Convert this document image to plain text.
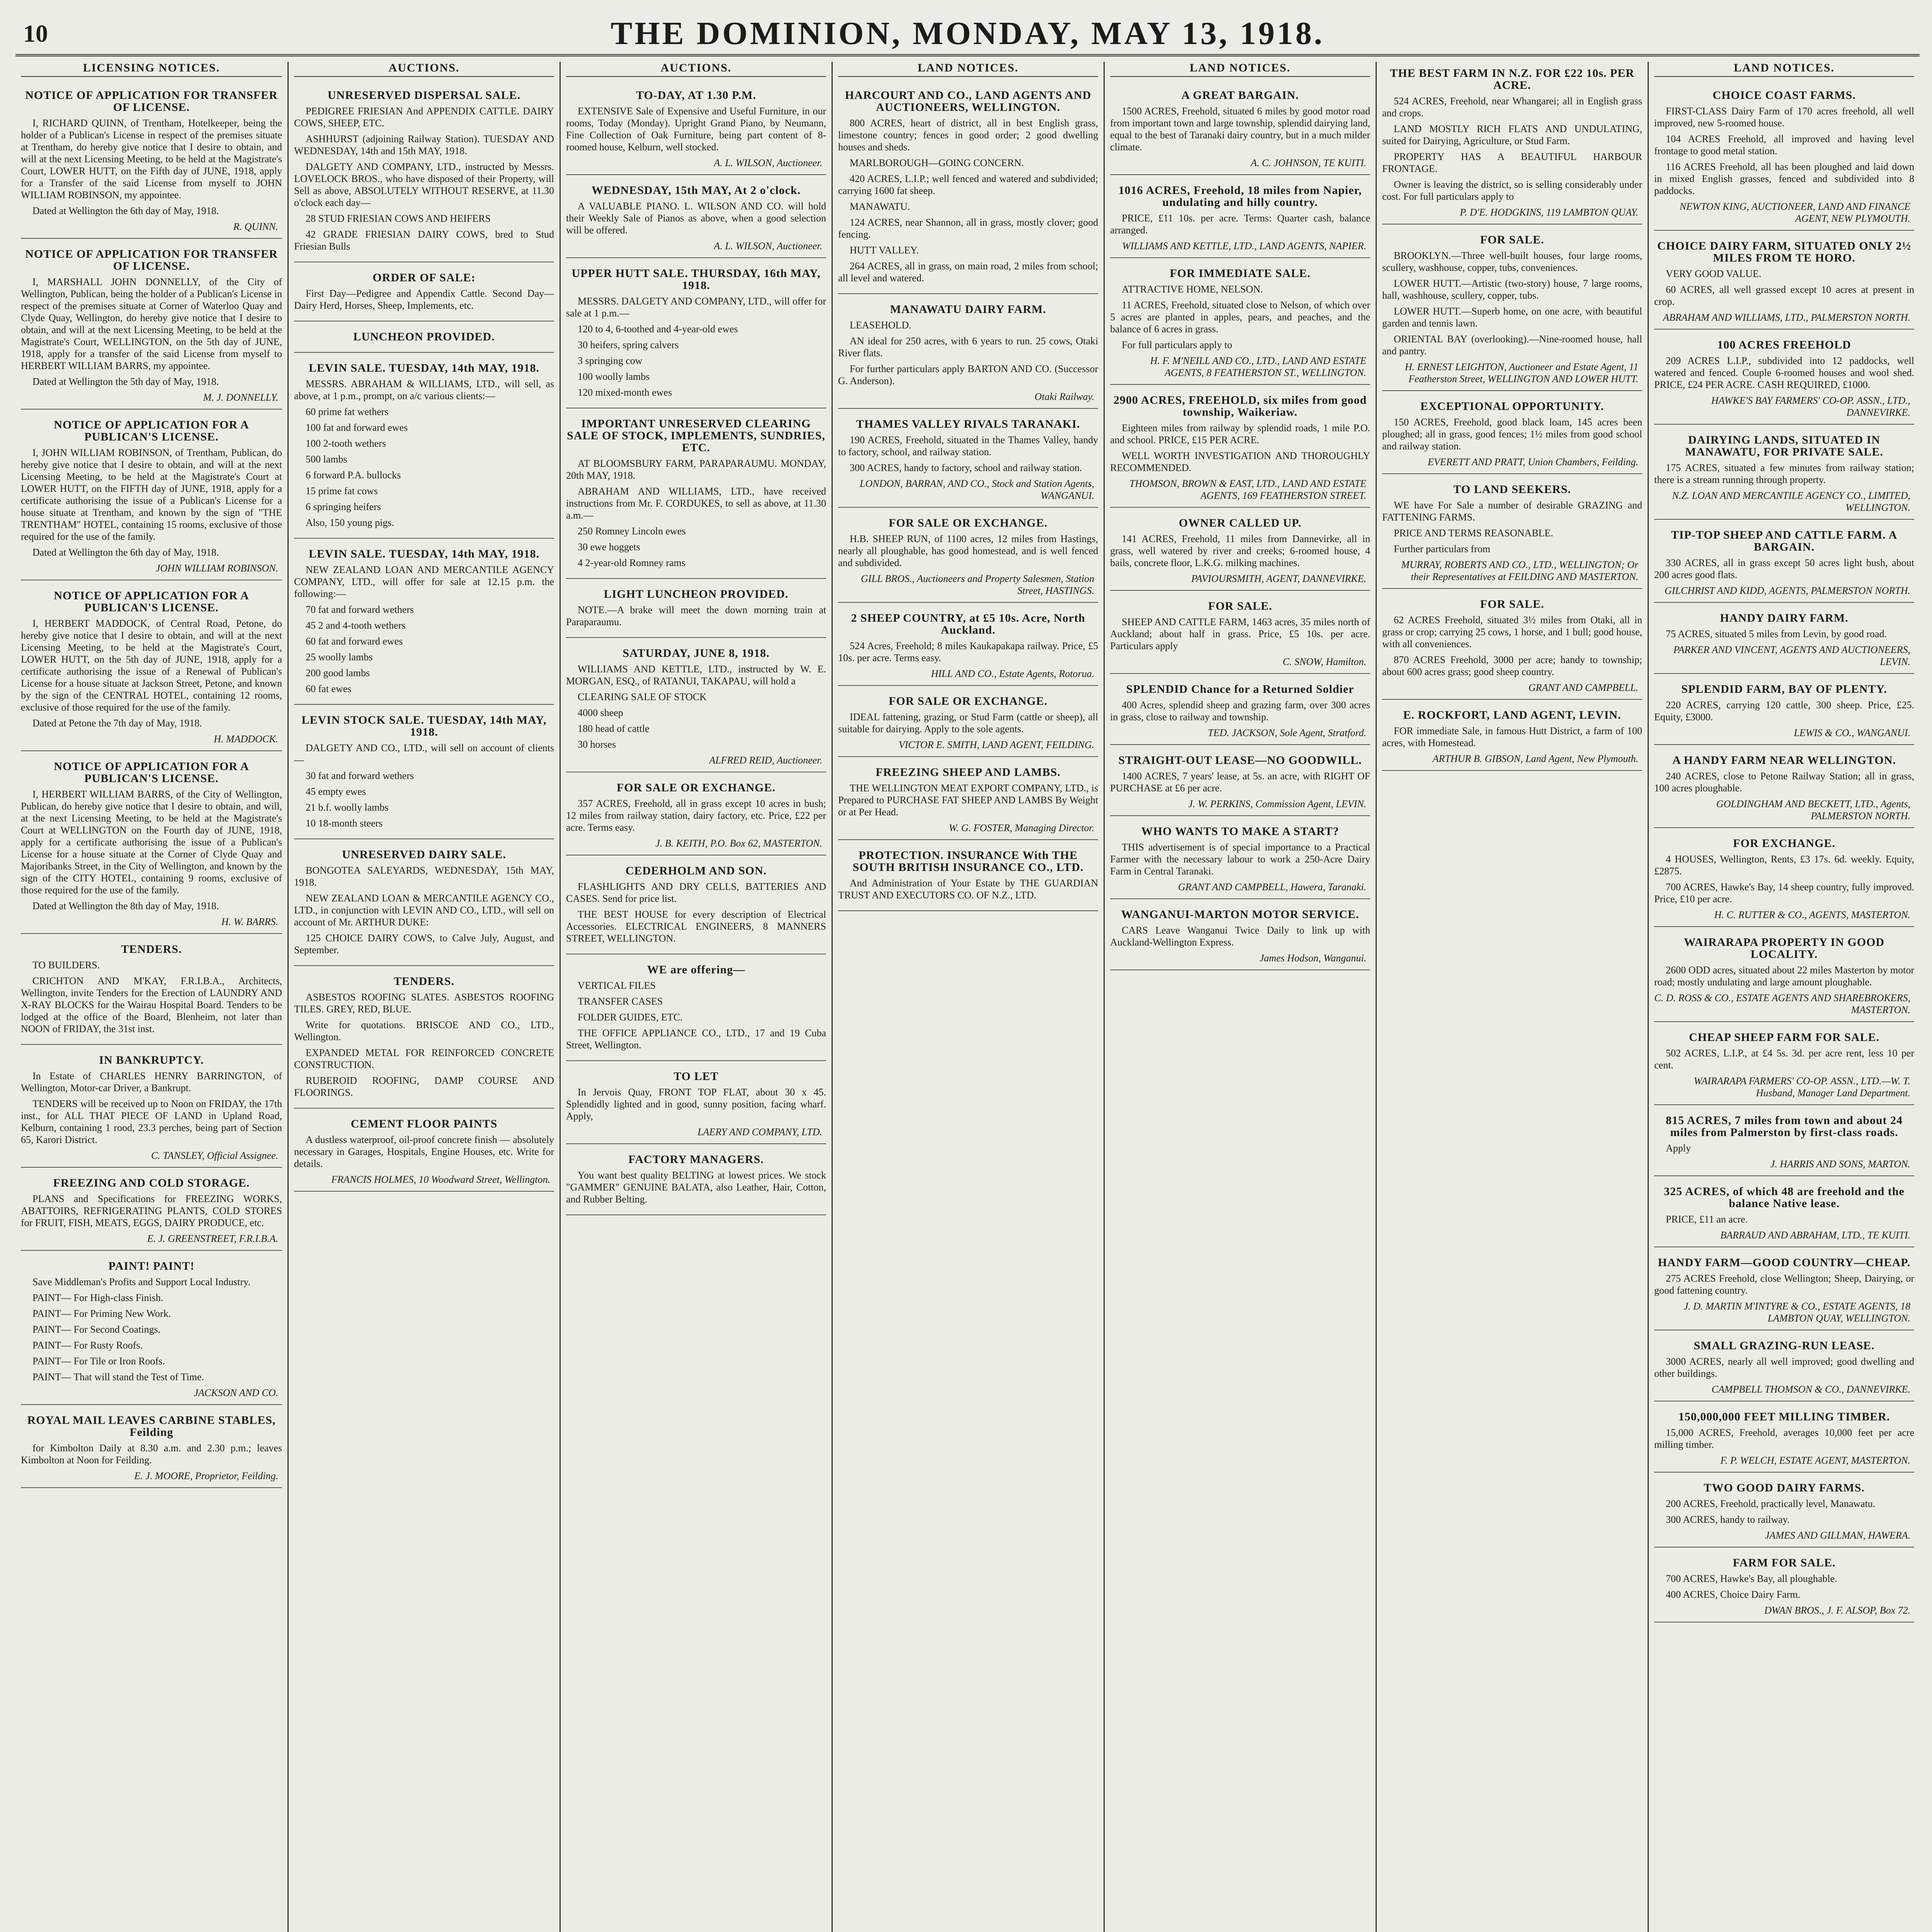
10	THE DOMINION, MONDAY, MAY 13, 1918.
LICENSING NOTICES.
NOTICE OF APPLICATION FOR TRANSFER OF LICENSE.

I, RICHARD QUINN, of Trentham, Hotelkeeper, being the holder of a Publican's License in respect of the premises situate at Trentham, do hereby give notice that I desire to obtain, and will at the next Licensing Meeting, to be held at the Magistrate's Court, LOWER HUTT, on the Fifth day of JUNE, 1918, apply for a Transfer of the said License from myself to JOHN WILLIAM ROBINSON, my appointee.

Dated at Wellington the 6th day of May, 1918.

R. QUINN.
NOTICE OF APPLICATION FOR TRANSFER OF LICENSE.

I, MARSHALL JOHN DONNELLY, of the City of Wellington, Publican, being the holder of a Publican's License in respect of the premises situate at Corner of Waterloo Quay and Clyde Quay, Wellington, do hereby give notice that I desire to obtain, and will at the next Licensing Meeting, to be held at the Magistrate's Court, WELLINGTON, on the 5th day of JUNE, 1918, apply for a transfer of the said License from myself to HERBERT WILLIAM BARRS, my appointee.

Dated at Wellington the 5th day of May, 1918.

M. J. DONNELLY.
NOTICE OF APPLICATION FOR A PUBLICAN'S LICENSE.

I, JOHN WILLIAM ROBINSON, of Trentham, Publican, do hereby give notice that I desire to obtain, and will at the next Licensing Meeting, to be held at the Magistrate's Court at LOWER HUTT, on the FIFTH day of JUNE, 1918, apply for a certificate authorising the issue of a Publican's License for a house situate at Trentham, and known by the sign of "THE TRENTHAM" HOTEL, containing 15 rooms, exclusive of those required for the use of the family.

Dated at Wellington the 6th day of May, 1918.

JOHN WILLIAM ROBINSON.
NOTICE OF APPLICATION FOR A PUBLICAN'S LICENSE.

I, HERBERT MADDOCK, of Central Road, Petone, do hereby give notice that I desire to obtain, and will at the next Licensing Meeting, to be held at the Magistrate's Court, LOWER HUTT, on the 5th day of JUNE, 1918, apply for a certificate authorising the issue of a Renewal of Publican's License for a house situate at Jackson Street, Petone, and known by the sign of the CENTRAL HOTEL, containing 12 rooms, exclusive of those required for the use of the family.

Dated at Petone the 7th day of May, 1918.

H. MADDOCK.
NOTICE OF APPLICATION FOR A PUBLICAN'S LICENSE.

I, HERBERT WILLIAM BARRS, of the City of Wellington, Publican, do hereby give notice that I desire to obtain, and will, at the next Licensing Meeting, to be held at the Magistrate's Court at WELLINGTON on the Fourth day of JUNE, 1918, apply for a certificate authorising the issue of a Publican's License for a house situate at the Corner of Clyde Quay and Majoribanks Street, in the City of Wellington, and known by the sign of the CITY HOTEL, containing 9 rooms, exclusive of those required for the use of the family.

Dated at Wellington the 8th day of May, 1918.

H. W. BARRS.
TENDERS.

TO BUILDERS.

CRICHTON AND M'KAY, F.R.I.B.A., Architects, Wellington, invite Tenders for the Erection of LAUNDRY AND X-RAY BLOCKS for the Wairau Hospital Board. Tenders to be lodged at the office of the Board, Blenheim, not later than NOON of FRIDAY, the 31st inst.

IN BANKRUPTCY.

In Estate of CHARLES HENRY BARRINGTON, of Wellington, Motor-car Driver, a Bankrupt.

TENDERS will be received up to Noon on FRIDAY, the 17th inst., for ALL THAT PIECE OF LAND in Upland Road, Kelburn, containing 1 rood, 23.3 perches, being part of Section 65, Karori District.

C. TANSLEY, Official Assignee.
FREEZING AND COLD STORAGE.

PLANS and Specifications for FREEZING WORKS, ABATTOIRS, REFRIGERATING PLANTS, COLD STORES for FRUIT, FISH, MEATS, EGGS, DAIRY PRODUCE, etc.

E. J. GREENSTREET, F.R.I.B.A.
PAINT! PAINT!

Save Middleman's Profits and Support Local Industry.

PAINT— For High-class Finish.

PAINT— For Priming New Work.

PAINT— For Second Coatings.

PAINT— For Rusty Roofs.

PAINT— For Tile or Iron Roofs.

PAINT— That will stand the Test of Time.

JACKSON AND CO.
ROYAL MAIL LEAVES CARBINE STABLES, Feilding

for Kimbolton Daily at 8.30 a.m. and 2.30 p.m.; leaves Kimbolton at Noon for Feilding.

E. J. MOORE, Proprietor, Feilding.
AUCTIONS.
UNRESERVED DISPERSAL SALE.

PEDIGREE FRIESIAN And APPENDIX CATTLE. DAIRY COWS, SHEEP, ETC.

ASHHURST (adjoining Railway Station). TUESDAY AND WEDNESDAY, 14th and 15th MAY, 1918.

DALGETY AND COMPANY, LTD., instructed by Messrs. LOVELOCK BROS., who have disposed of their Property, will Sell as above, ABSOLUTELY WITHOUT RESERVE, at 11.30 o'clock each day—

28 STUD FRIESIAN COWS AND HEIFERS

42 GRADE FRIESIAN DAIRY COWS, bred to Stud Friesian Bulls

ORDER OF SALE:

First Day—Pedigree and Appendix Cattle. Second Day—Dairy Herd, Horses, Sheep, Implements, etc.

LUNCHEON PROVIDED.
LEVIN SALE. TUESDAY, 14th MAY, 1918.

MESSRS. ABRAHAM & WILLIAMS, LTD., will sell, as above, at 1 p.m., prompt, on a/c various clients:—

60 prime fat wethers

100 fat and forward ewes

100 2-tooth wethers

500 lambs

6 forward P.A. bullocks

15 prime fat cows

6 springing heifers

Also, 150 young pigs.

LEVIN SALE. TUESDAY, 14th MAY, 1918.

NEW ZEALAND LOAN AND MERCANTILE AGENCY COMPANY, LTD., will offer for sale at 12.15 p.m. the following:—

70 fat and forward wethers

45 2 and 4-tooth wethers

60 fat and forward ewes

25 woolly lambs

200 good lambs

60 fat ewes

LEVIN STOCK SALE. TUESDAY, 14th MAY, 1918.

DALGETY AND CO., LTD., will sell on account of clients—

30 fat and forward wethers

45 empty ewes

21 b.f. woolly lambs

10 18-month steers

UNRESERVED DAIRY SALE.

BONGOTEA SALEYARDS, WEDNESDAY, 15th MAY, 1918.

NEW ZEALAND LOAN & MERCANTILE AGENCY CO., LTD., in conjunction with LEVIN AND CO., LTD., will sell on account of Mr. ARTHUR DUKE:

125 CHOICE DAIRY COWS, to Calve July, August, and September.

TENDERS.

ASBESTOS ROOFING SLATES. ASBESTOS ROOFING TILES. GREY, RED, BLUE.

Write for quotations. BRISCOE AND CO., LTD., Wellington.

EXPANDED METAL FOR REINFORCED CONCRETE CONSTRUCTION.

RUBEROID ROOFING, DAMP COURSE AND FLOORINGS.

CEMENT FLOOR PAINTS

A dustless waterproof, oil-proof concrete finish — absolutely necessary in Garages, Hospitals, Engine Houses, etc. Write for details.

FRANCIS HOLMES, 10 Woodward Street, Wellington.
AUCTIONS.
TO-DAY, AT 1.30 P.M.

EXTENSIVE Sale of Expensive and Useful Furniture, in our rooms, Today (Monday). Upright Grand Piano, by Neumann, Fine Collection of Oak Furniture, being part content of 8-roomed house, Kelburn, well stocked.

A. L. WILSON, Auctioneer.
WEDNESDAY, 15th MAY, At 2 o'clock.

A VALUABLE PIANO. L. WILSON AND CO. will hold their Weekly Sale of Pianos as above, when a good selection will be offered.

A. L. WILSON, Auctioneer.
UPPER HUTT SALE. THURSDAY, 16th MAY, 1918.

MESSRS. DALGETY AND COMPANY, LTD., will offer for sale at 1 p.m.—

120 to 4, 6-toothed and 4-year-old ewes

30 heifers, spring calvers

3 springing cow

100 woolly lambs

120 mixed-month ewes

IMPORTANT UNRESERVED CLEARING SALE OF STOCK, IMPLEMENTS, SUNDRIES, ETC.

AT BLOOMSBURY FARM, PARAPARAUMU. MONDAY, 20th MAY, 1918.

ABRAHAM AND WILLIAMS, LTD., have received instructions from Mr. F. CORDUKES, to sell as above, at 11.30 a.m.—

250 Romney Lincoln ewes

30 ewe hoggets

4 2-year-old Romney rams

LIGHT LUNCHEON PROVIDED.

NOTE.—A brake will meet the down morning train at Paraparaumu.

SATURDAY, JUNE 8, 1918.

WILLIAMS AND KETTLE, LTD., instructed by W. E. MORGAN, ESQ., of RATANUI, TAKAPAU, will hold a

CLEARING SALE OF STOCK

4000 sheep

180 head of cattle

30 horses

ALFRED REID, Auctioneer.
FOR SALE OR EXCHANGE.

357 ACRES, Freehold, all in grass except 10 acres in bush; 12 miles from railway station, dairy factory, etc. Price, £22 per acre. Terms easy.

J. B. KEITH, P.O. Box 62, MASTERTON.
CEDERHOLM AND SON.

FLASHLIGHTS AND DRY CELLS, BATTERIES AND CASES. Send for price list.

THE BEST HOUSE for every description of Electrical Accessories. ELECTRICAL ENGINEERS, 8 MANNERS STREET, WELLINGTON.

WE are offering—

VERTICAL FILES

TRANSFER CASES

FOLDER GUIDES, ETC.

THE OFFICE APPLIANCE CO., LTD., 17 and 19 Cuba Street, Wellington.

TO LET

In Jervois Quay, FRONT TOP FLAT, about 30 x 45. Splendidly lighted and in good, sunny position, facing wharf. Apply,

LAERY AND COMPANY, LTD.
FACTORY MANAGERS.

You want best quality BELTING at lowest prices. We stock "GAMMER" GENUINE BALATA, also Leather, Hair, Cotton, and Rubber Belting.

LAND NOTICES.
HARCOURT AND CO., LAND AGENTS AND AUCTIONEERS, WELLINGTON.

800 ACRES, heart of district, all in best English grass, limestone country; fences in good order; 2 good dwelling houses and sheds.

MARLBOROUGH—GOING CONCERN.

420 ACRES, L.I.P.; well fenced and watered and subdivided; carrying 1600 fat sheep.

MANAWATU.

124 ACRES, near Shannon, all in grass, mostly clover; good fencing.

HUTT VALLEY.

264 ACRES, all in grass, on main road, 2 miles from school; all level and watered.

MANAWATU DAIRY FARM.

LEASEHOLD.

AN ideal for 250 acres, with 6 years to run. 25 cows, Otaki River flats.

For further particulars apply BARTON AND CO. (Successor G. Anderson).

Otaki Railway.
THAMES VALLEY RIVALS TARANAKI.

190 ACRES, Freehold, situated in the Thames Valley, handy to factory, school, and railway station.

300 ACRES, handy to factory, school and railway station.

LONDON, BARRAN, AND CO., Stock and Station Agents, WANGANUI.
FOR SALE OR EXCHANGE.

H.B. SHEEP RUN, of 1100 acres, 12 miles from Hastings, nearly all ploughable, has good homestead, and is well fenced and subdivided.

GILL BROS., Auctioneers and Property Salesmen, Station Street, HASTINGS.
2 SHEEP COUNTRY, at £5 10s. Acre, North Auckland.

524 Acres, Freehold; 8 miles Kaukapakapa railway. Price, £5 10s. per acre. Terms easy.

HILL AND CO., Estate Agents, Rotorua.
FOR SALE OR EXCHANGE.

IDEAL fattening, grazing, or Stud Farm (cattle or sheep), all suitable for dairying. Apply to the sole agents.

VICTOR E. SMITH, LAND AGENT, FEILDING.
FREEZING SHEEP AND LAMBS.

THE WELLINGTON MEAT EXPORT COMPANY, LTD., is Prepared to PURCHASE FAT SHEEP AND LAMBS By Weight or at Per Head.

W. G. FOSTER, Managing Director.
PROTECTION. INSURANCE With THE SOUTH BRITISH INSURANCE CO., LTD.

And Administration of Your Estate by THE GUARDIAN TRUST AND EXECUTORS CO. OF N.Z., LTD.

LAND NOTICES.
A GREAT BARGAIN.

1500 ACRES, Freehold, situated 6 miles by good motor road from important town and large township, splendid dairying land, equal to the best of Taranaki dairy country, but in a much milder climate.

A. C. JOHNSON, TE KUITI.
1016 ACRES, Freehold, 18 miles from Napier, undulating and hilly country.

PRICE, £11 10s. per acre. Terms: Quarter cash, balance arranged.

WILLIAMS AND KETTLE, LTD., LAND AGENTS, NAPIER.
FOR IMMEDIATE SALE.

ATTRACTIVE HOME, NELSON.

11 ACRES, Freehold, situated close to Nelson, of which over 5 acres are planted in apples, pears, and peaches, and the balance of 6 acres in grass.

For full particulars apply to

H. F. M'NEILL AND CO., LTD., LAND AND ESTATE AGENTS, 8 FEATHERSTON ST., WELLINGTON.
2900 ACRES, FREEHOLD, six miles from good township, Waikeriaw.

Eighteen miles from railway by splendid roads, 1 mile P.O. and school. PRICE, £15 PER ACRE.

WELL WORTH INVESTIGATION AND THOROUGHLY RECOMMENDED.

THOMSON, BROWN & EAST, LTD., LAND AND ESTATE AGENTS, 169 FEATHERSTON STREET.
OWNER CALLED UP.

141 ACRES, Freehold, 11 miles from Dannevirke, all in grass, well watered by river and creeks; 6-roomed house, 4 bails, concrete floor, L.K.G. milking machines.

PAVIOURSMITH, AGENT, DANNEVIRKE.
FOR SALE.

SHEEP AND CATTLE FARM, 1463 acres, 35 miles north of Auckland; about half in grass. Price, £5 10s. per acre. Particulars apply

C. SNOW, Hamilton.
SPLENDID Chance for a Returned Soldier

400 Acres, splendid sheep and grazing farm, over 300 acres in grass, close to railway and township.

TED. JACKSON, Sole Agent, Stratford.
STRAIGHT-OUT LEASE—NO GOODWILL.

1400 ACRES, 7 years' lease, at 5s. an acre, with RIGHT OF PURCHASE at £6 per acre.

J. W. PERKINS, Commission Agent, LEVIN.
WHO WANTS TO MAKE A START?

THIS advertisement is of special importance to a Practical Farmer with the necessary labour to work a 250-Acre Dairy Farm in Central Taranaki.

GRANT AND CAMPBELL, Hawera, Taranaki.
WANGANUI-MARTON MOTOR SERVICE.

CARS Leave Wanganui Twice Daily to link up with Auckland-Wellington Express.

James Hodson, Wanganui.
THE BEST FARM IN N.Z. FOR £22 10s. PER ACRE.

524 ACRES, Freehold, near Whangarei; all in English grass and crops.

LAND MOSTLY RICH FLATS AND UNDULATING, suited for Dairying, Agriculture, or Stud Farm.

PROPERTY HAS A BEAUTIFUL HARBOUR FRONTAGE.

Owner is leaving the district, so is selling considerably under cost. For full particulars apply to

P. D'E. HODGKINS, 119 LAMBTON QUAY.
FOR SALE.

BROOKLYN.—Three well-built houses, four large rooms, scullery, washhouse, copper, tubs, conveniences.

LOWER HUTT.—Artistic (two-story) house, 7 large rooms, hall, washhouse, scullery, copper, tubs.

LOWER HUTT.—Superb home, on one acre, with beautiful garden and tennis lawn.

ORIENTAL BAY (overlooking).—Nine-roomed house, hall and pantry.

H. ERNEST LEIGHTON, Auctioneer and Estate Agent, 11 Featherston Street, WELLINGTON AND LOWER HUTT.
EXCEPTIONAL OPPORTUNITY.

150 ACRES, Freehold, good black loam, 145 acres been ploughed; all in grass, good fences; 1½ miles from good school and railway station.

EVERETT AND PRATT, Union Chambers, Feilding.
TO LAND SEEKERS.

WE have For Sale a number of desirable GRAZING and FATTENING FARMS.

PRICE AND TERMS REASONABLE.

Further particulars from

MURRAY, ROBERTS AND CO., LTD., WELLINGTON; Or their Representatives at FEILDING AND MASTERTON.
FOR SALE.

62 ACRES Freehold, situated 3½ miles from Otaki, all in grass or crop; carrying 25 cows, 1 horse, and 1 bull; good house, with all conveniences.

870 ACRES Freehold, 3000 per acre; handy to township; about 600 acres grass; good sheep country.

GRANT AND CAMPBELL.
E. ROCKFORT, LAND AGENT, LEVIN.

FOR immediate Sale, in famous Hutt District, a farm of 100 acres, with Homestead.

ARTHUR B. GIBSON, Land Agent, New Plymouth.
LAND NOTICES.
CHOICE COAST FARMS.

FIRST-CLASS Dairy Farm of 170 acres freehold, all well improved, new 5-roomed house.

104 ACRES Freehold, all improved and having level frontage to good metal station.

116 ACRES Freehold, all has been ploughed and laid down in mixed English grasses, fenced and subdivided into 8 paddocks.

NEWTON KING, AUCTIONEER, LAND AND FINANCE AGENT, NEW PLYMOUTH.
CHOICE DAIRY FARM, SITUATED ONLY 2½ MILES FROM TE HORO.

VERY GOOD VALUE.

60 ACRES, all well grassed except 10 acres at present in crop.

ABRAHAM AND WILLIAMS, LTD., PALMERSTON NORTH.
100 ACRES FREEHOLD

209 ACRES L.I.P., subdivided into 12 paddocks, well watered and fenced. Couple 6-roomed houses and wool shed. PRICE, £24 PER ACRE. CASH REQUIRED, £1000.

HAWKE'S BAY FARMERS' CO-OP. ASSN., LTD., DANNEVIRKE.
DAIRYING LANDS, SITUATED IN MANAWATU, FOR PRIVATE SALE.

175 ACRES, situated a few minutes from railway station; there is a stream running through property.

N.Z. LOAN AND MERCANTILE AGENCY CO., LIMITED, WELLINGTON.
TIP-TOP SHEEP AND CATTLE FARM. A BARGAIN.

330 ACRES, all in grass except 50 acres light bush, about 200 acres good flats.

GILCHRIST AND KIDD, AGENTS, PALMERSTON NORTH.
HANDY DAIRY FARM.

75 ACRES, situated 5 miles from Levin, by good road.

PARKER AND VINCENT, AGENTS AND AUCTIONEERS, LEVIN.
SPLENDID FARM, BAY OF PLENTY.

220 ACRES, carrying 120 cattle, 300 sheep. Price, £25. Equity, £3000.

LEWIS & CO., WANGANUI.
A HANDY FARM NEAR WELLINGTON.

240 ACRES, close to Petone Railway Station; all in grass, 100 acres ploughable.

GOLDINGHAM AND BECKETT, LTD., Agents, PALMERSTON NORTH.
FOR EXCHANGE.

4 HOUSES, Wellington, Rents, £3 17s. 6d. weekly. Equity, £2875.

700 ACRES, Hawke's Bay, 14 sheep country, fully improved. Price, £10 per acre.

H. C. RUTTER & CO., AGENTS, MASTERTON.
WAIRARAPA PROPERTY IN GOOD LOCALITY.

2600 ODD acres, situated about 22 miles Masterton by motor road; mostly undulating and large amount ploughable.

C. D. ROSS & CO., ESTATE AGENTS AND SHAREBROKERS, MASTERTON.
CHEAP SHEEP FARM FOR SALE.

502 ACRES, L.I.P., at £4 5s. 3d. per acre rent, less 10 per cent.

WAIRARAPA FARMERS' CO-OP. ASSN., LTD.—W. T. Husband, Manager Land Department.
815 ACRES, 7 miles from town and about 24 miles from Palmerston by first-class roads.

Apply

J. HARRIS AND SONS, MARTON.
325 ACRES, of which 48 are freehold and the balance Native lease.

PRICE, £11 an acre.

BARRAUD AND ABRAHAM, LTD., TE KUITI.
HANDY FARM—GOOD COUNTRY—CHEAP.

275 ACRES Freehold, close Wellington; Sheep, Dairying, or good fattening country.

J. D. MARTIN M'INTYRE & CO., ESTATE AGENTS, 18 LAMBTON QUAY, WELLINGTON.
SMALL GRAZING-RUN LEASE.

3000 ACRES, nearly all well improved; good dwelling and other buildings.

CAMPBELL THOMSON & CO., DANNEVIRKE.
150,000,000 FEET MILLING TIMBER.

15,000 ACRES, Freehold, averages 10,000 feet per acre milling timber.

F. P. WELCH, ESTATE AGENT, MASTERTON.
TWO GOOD DAIRY FARMS.

200 ACRES, Freehold, practically level, Manawatu.

300 ACRES, handy to railway.

JAMES AND GILLMAN, HAWERA.
FARM FOR SALE.

700 ACRES, Hawke's Bay, all ploughable.

400 ACRES, Choice Dairy Farm.

DWAN BROS., J. F. ALSOP, Box 72.
